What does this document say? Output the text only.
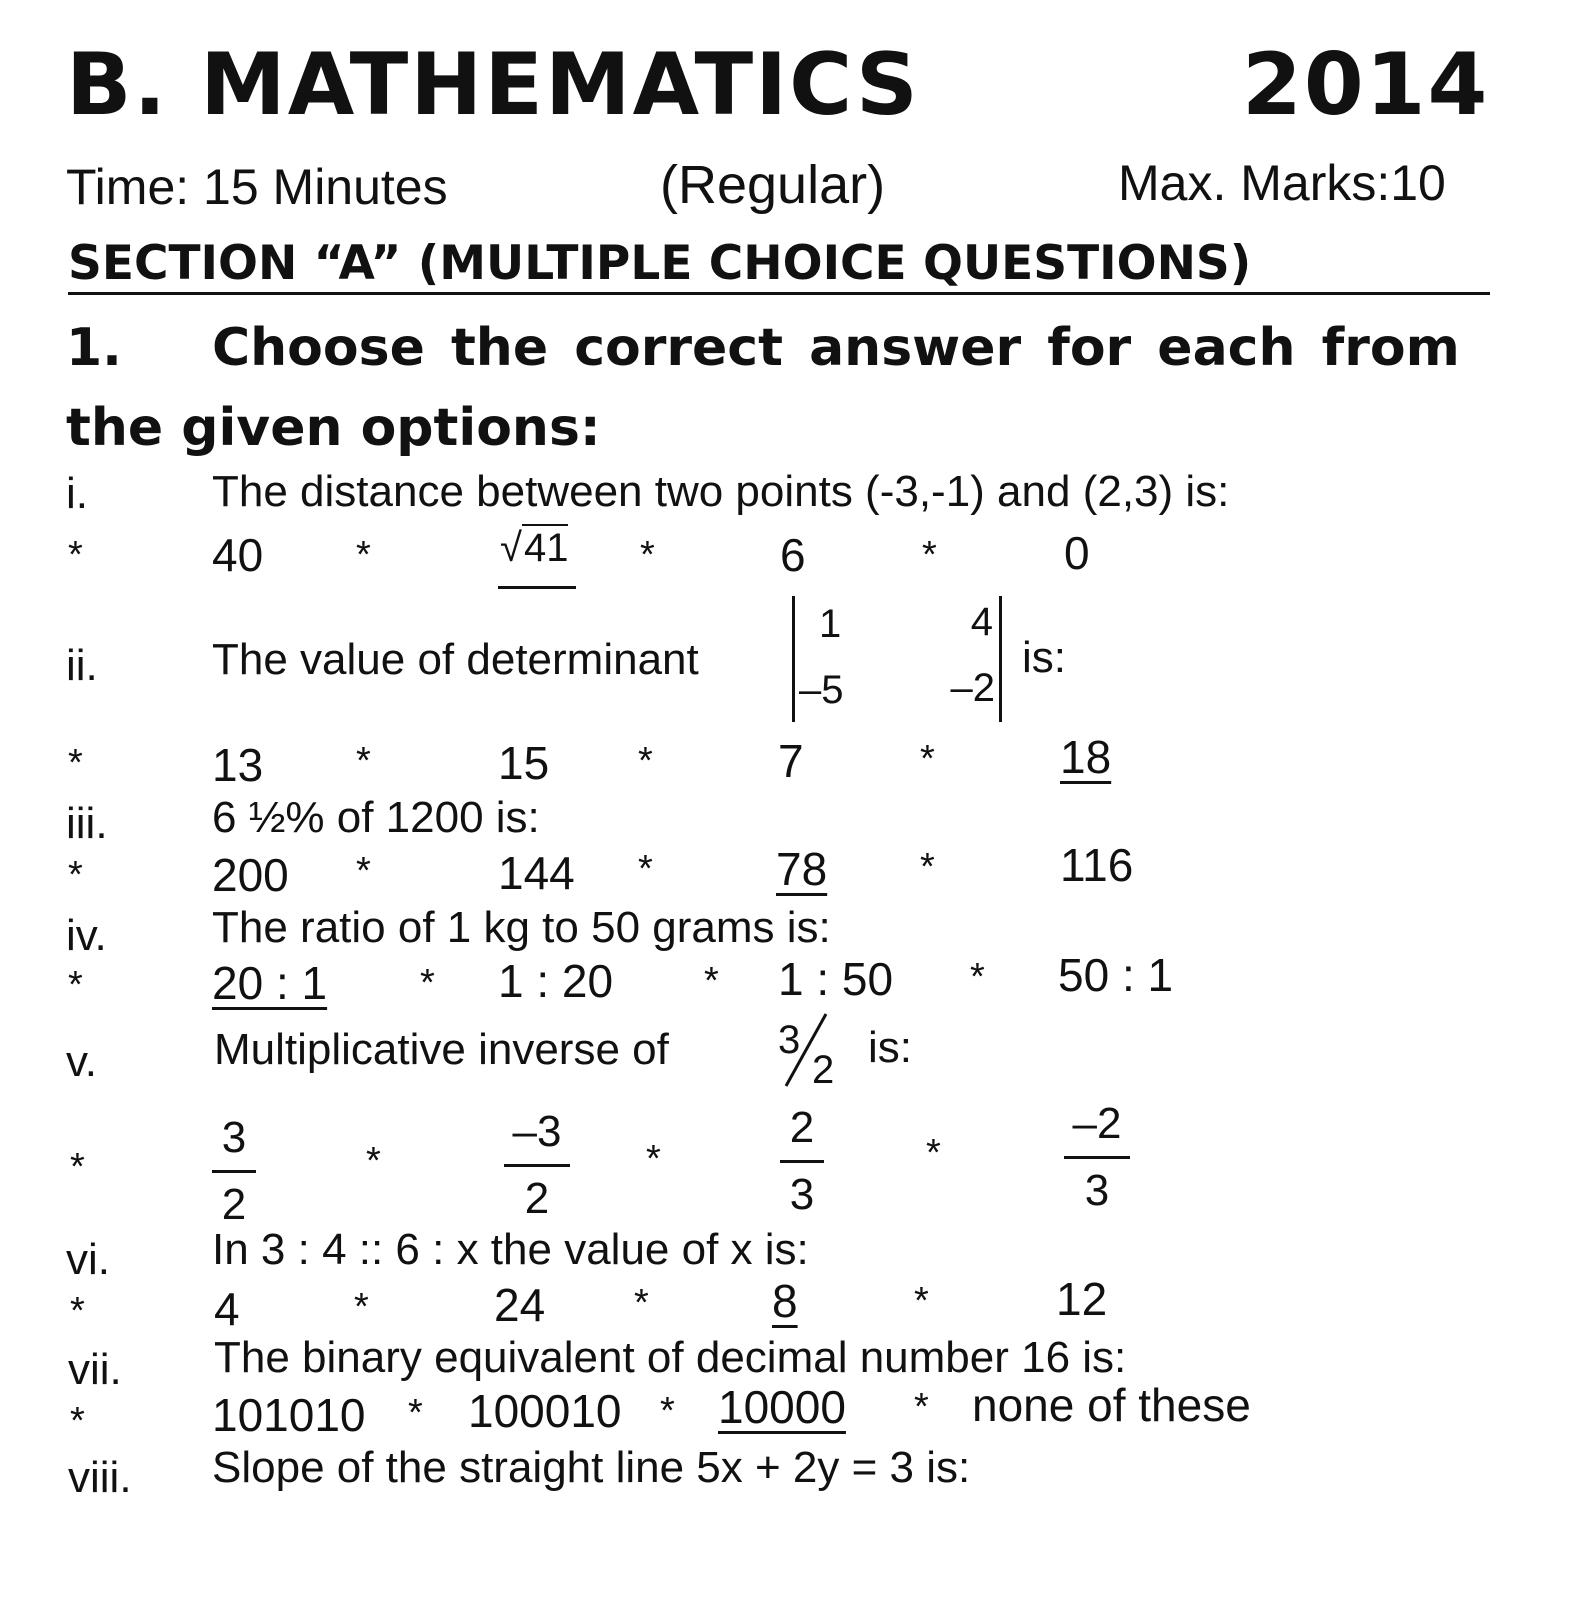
B. MATHEMATICS	2014
Time: 15 Minutes	(Regular)	Max. Marks:10
SECTION “A” (MULTIPLE CHOICE QUESTIONS)
1. Choose the correct answer for each from
the given options:
i.	The distance between two points (-3,-1) and (2,3) is:
*	40 *	√41 *	6	*	0
ii.	The value of determinant
1	4
–5	–2
is:
*	13 *	15 *	7	*	18
iii. 6 ½% of 1200 is:
*	200 *	144 *	78 *	116
iv. The ratio of 1 kg to 50 grams is:
*	20 : 1 * 1 : 20 * 1 : 50 * 50 : 1
v.	Multiplicative inverse of	3
2 is:
*
3
2
*
–3
2
*
2
3
*
–2
3
vi. In 3 : 4 :: 6 : x the value of x is:
*	4	*	24 *	8	*	12
vii. The binary equivalent of decimal number 16 is:
*	101010 * 100010 * 10000 * none of these
viii. Slope of the straight line 5x + 2y = 3 is:
